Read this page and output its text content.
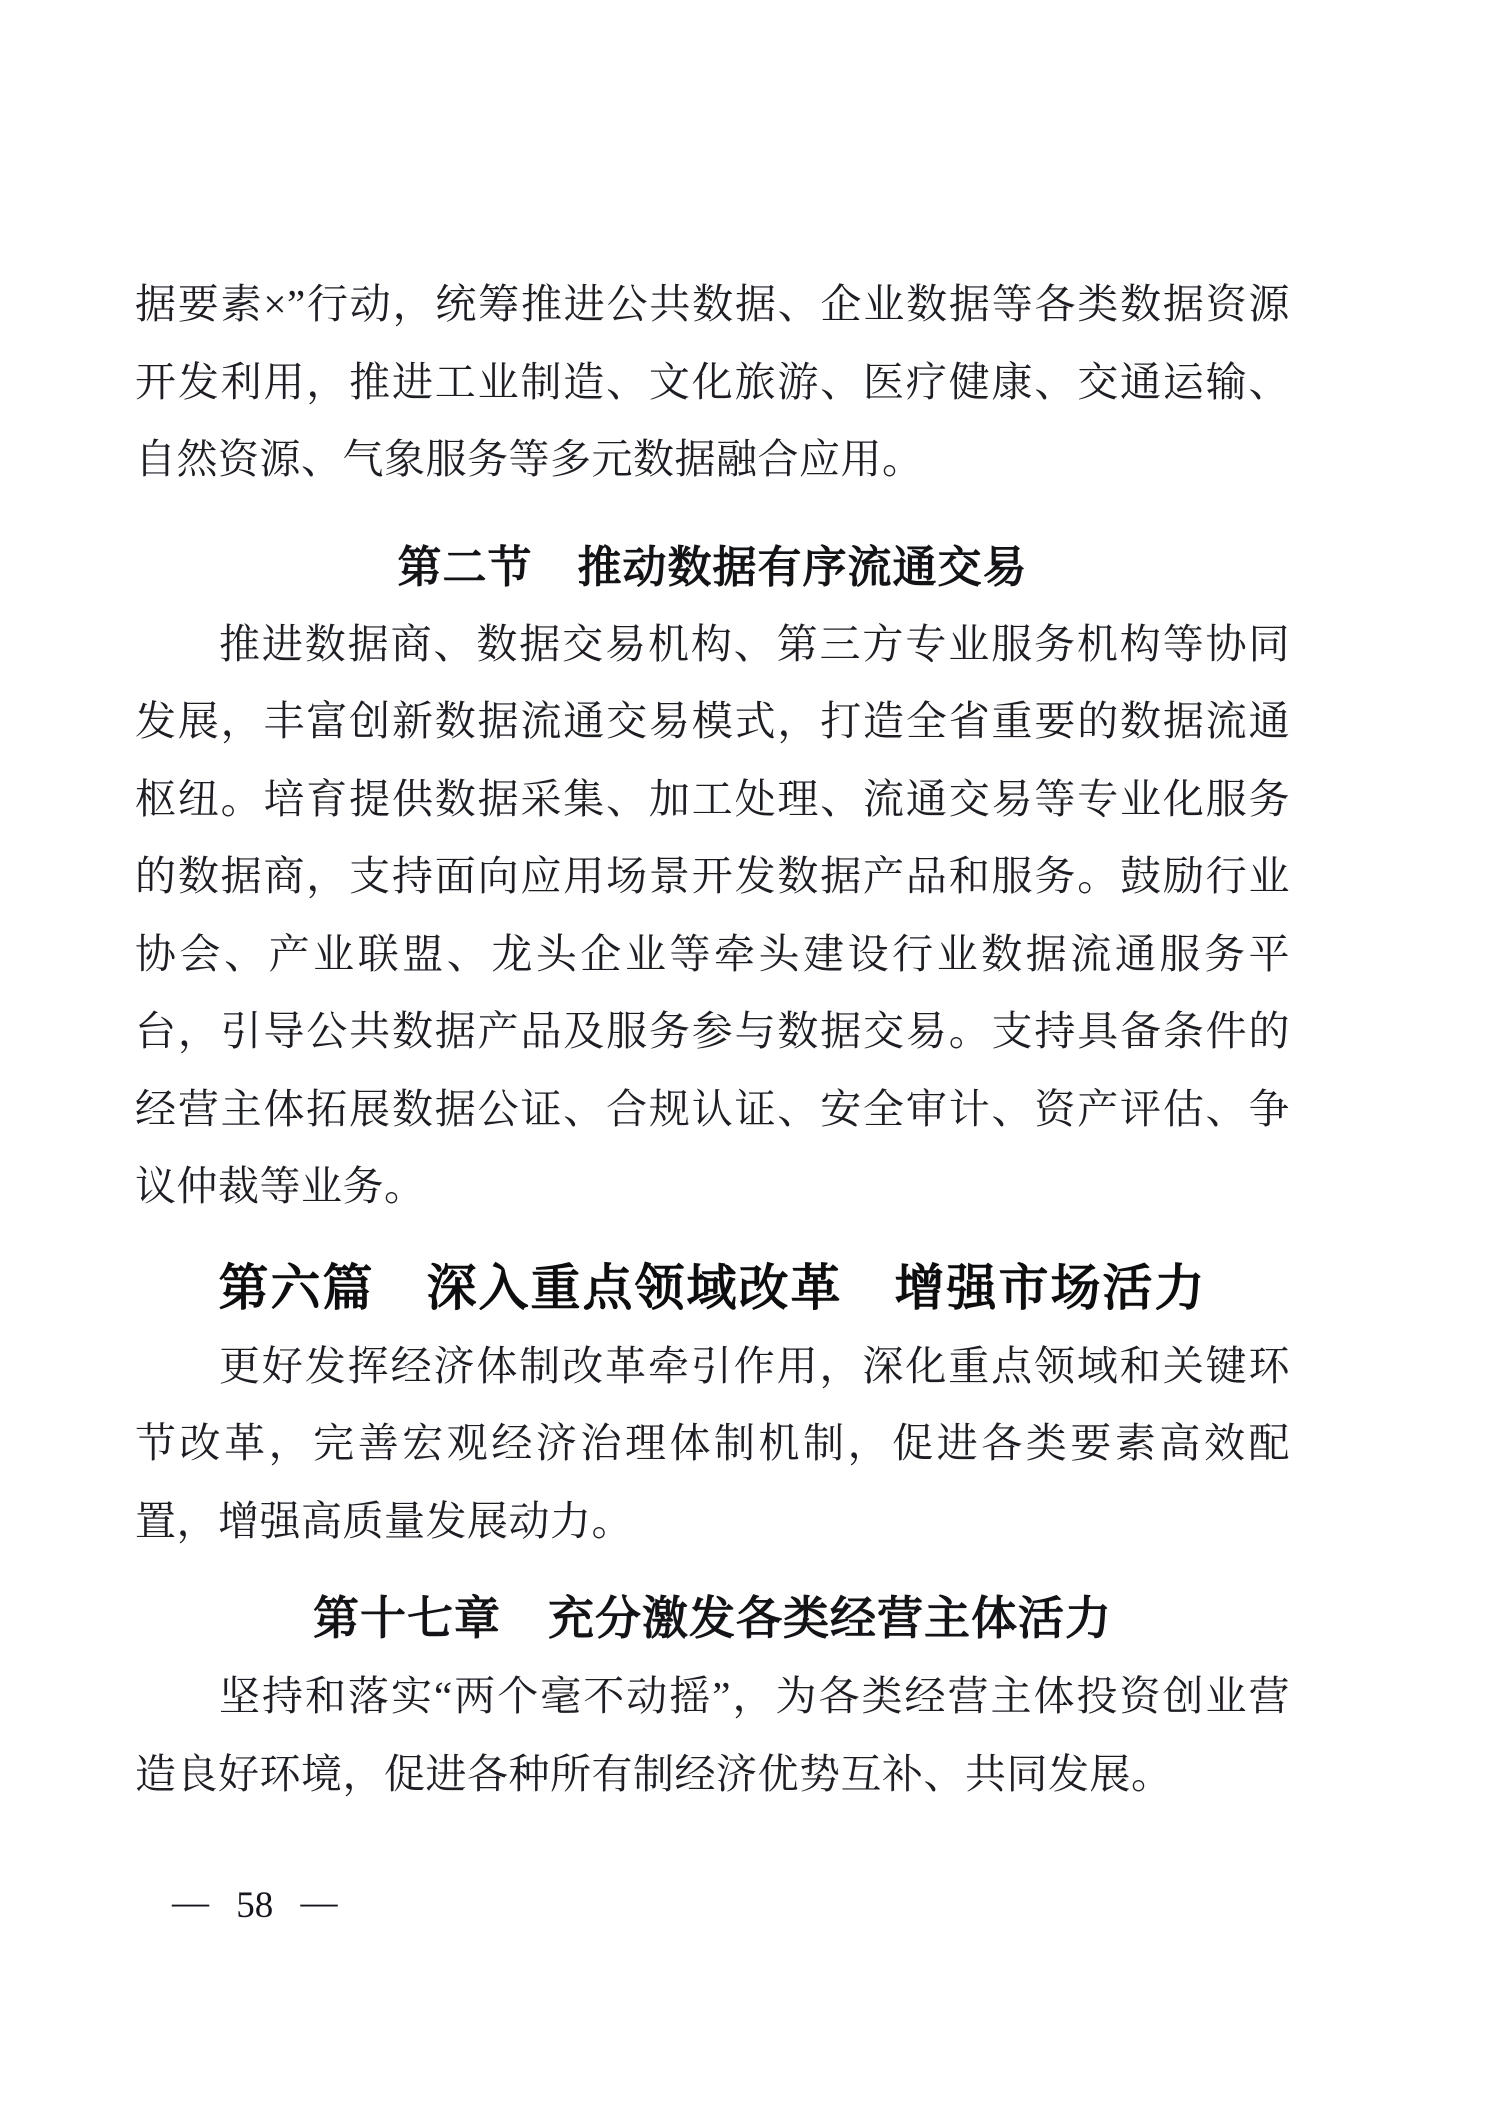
据要素×”行动，统筹推进公共数据、企业数据等各类数据资源开发利用，推进工业制造、文化旅游、医疗健康、交通运输、自然资源、气象服务等多元数据融合应用。

第二节　推动数据有序流通交易

推进数据商、数据交易机构、第三方专业服务机构等协同发展，丰富创新数据流通交易模式，打造全省重要的数据流通枢纽。培育提供数据采集、加工处理、流通交易等专业化服务的数据商，支持面向应用场景开发数据产品和服务。鼓励行业协会、产业联盟、龙头企业等牵头建设行业数据流通服务平台，引导公共数据产品及服务参与数据交易。支持具备条件的经营主体拓展数据公证、合规认证、安全审计、资产评估、争议仲裁等业务。

第六篇　深入重点领域改革　增强市场活力

更好发挥经济体制改革牵引作用，深化重点领域和关键环节改革，完善宏观经济治理体制机制，促进各类要素高效配置，增强高质量发展动力。

第十七章　充分激发各类经营主体活力

坚持和落实“两个毫不动摇”，为各类经营主体投资创业营造良好环境，促进各种所有制经济优势互补、共同发展。

— 58 —
